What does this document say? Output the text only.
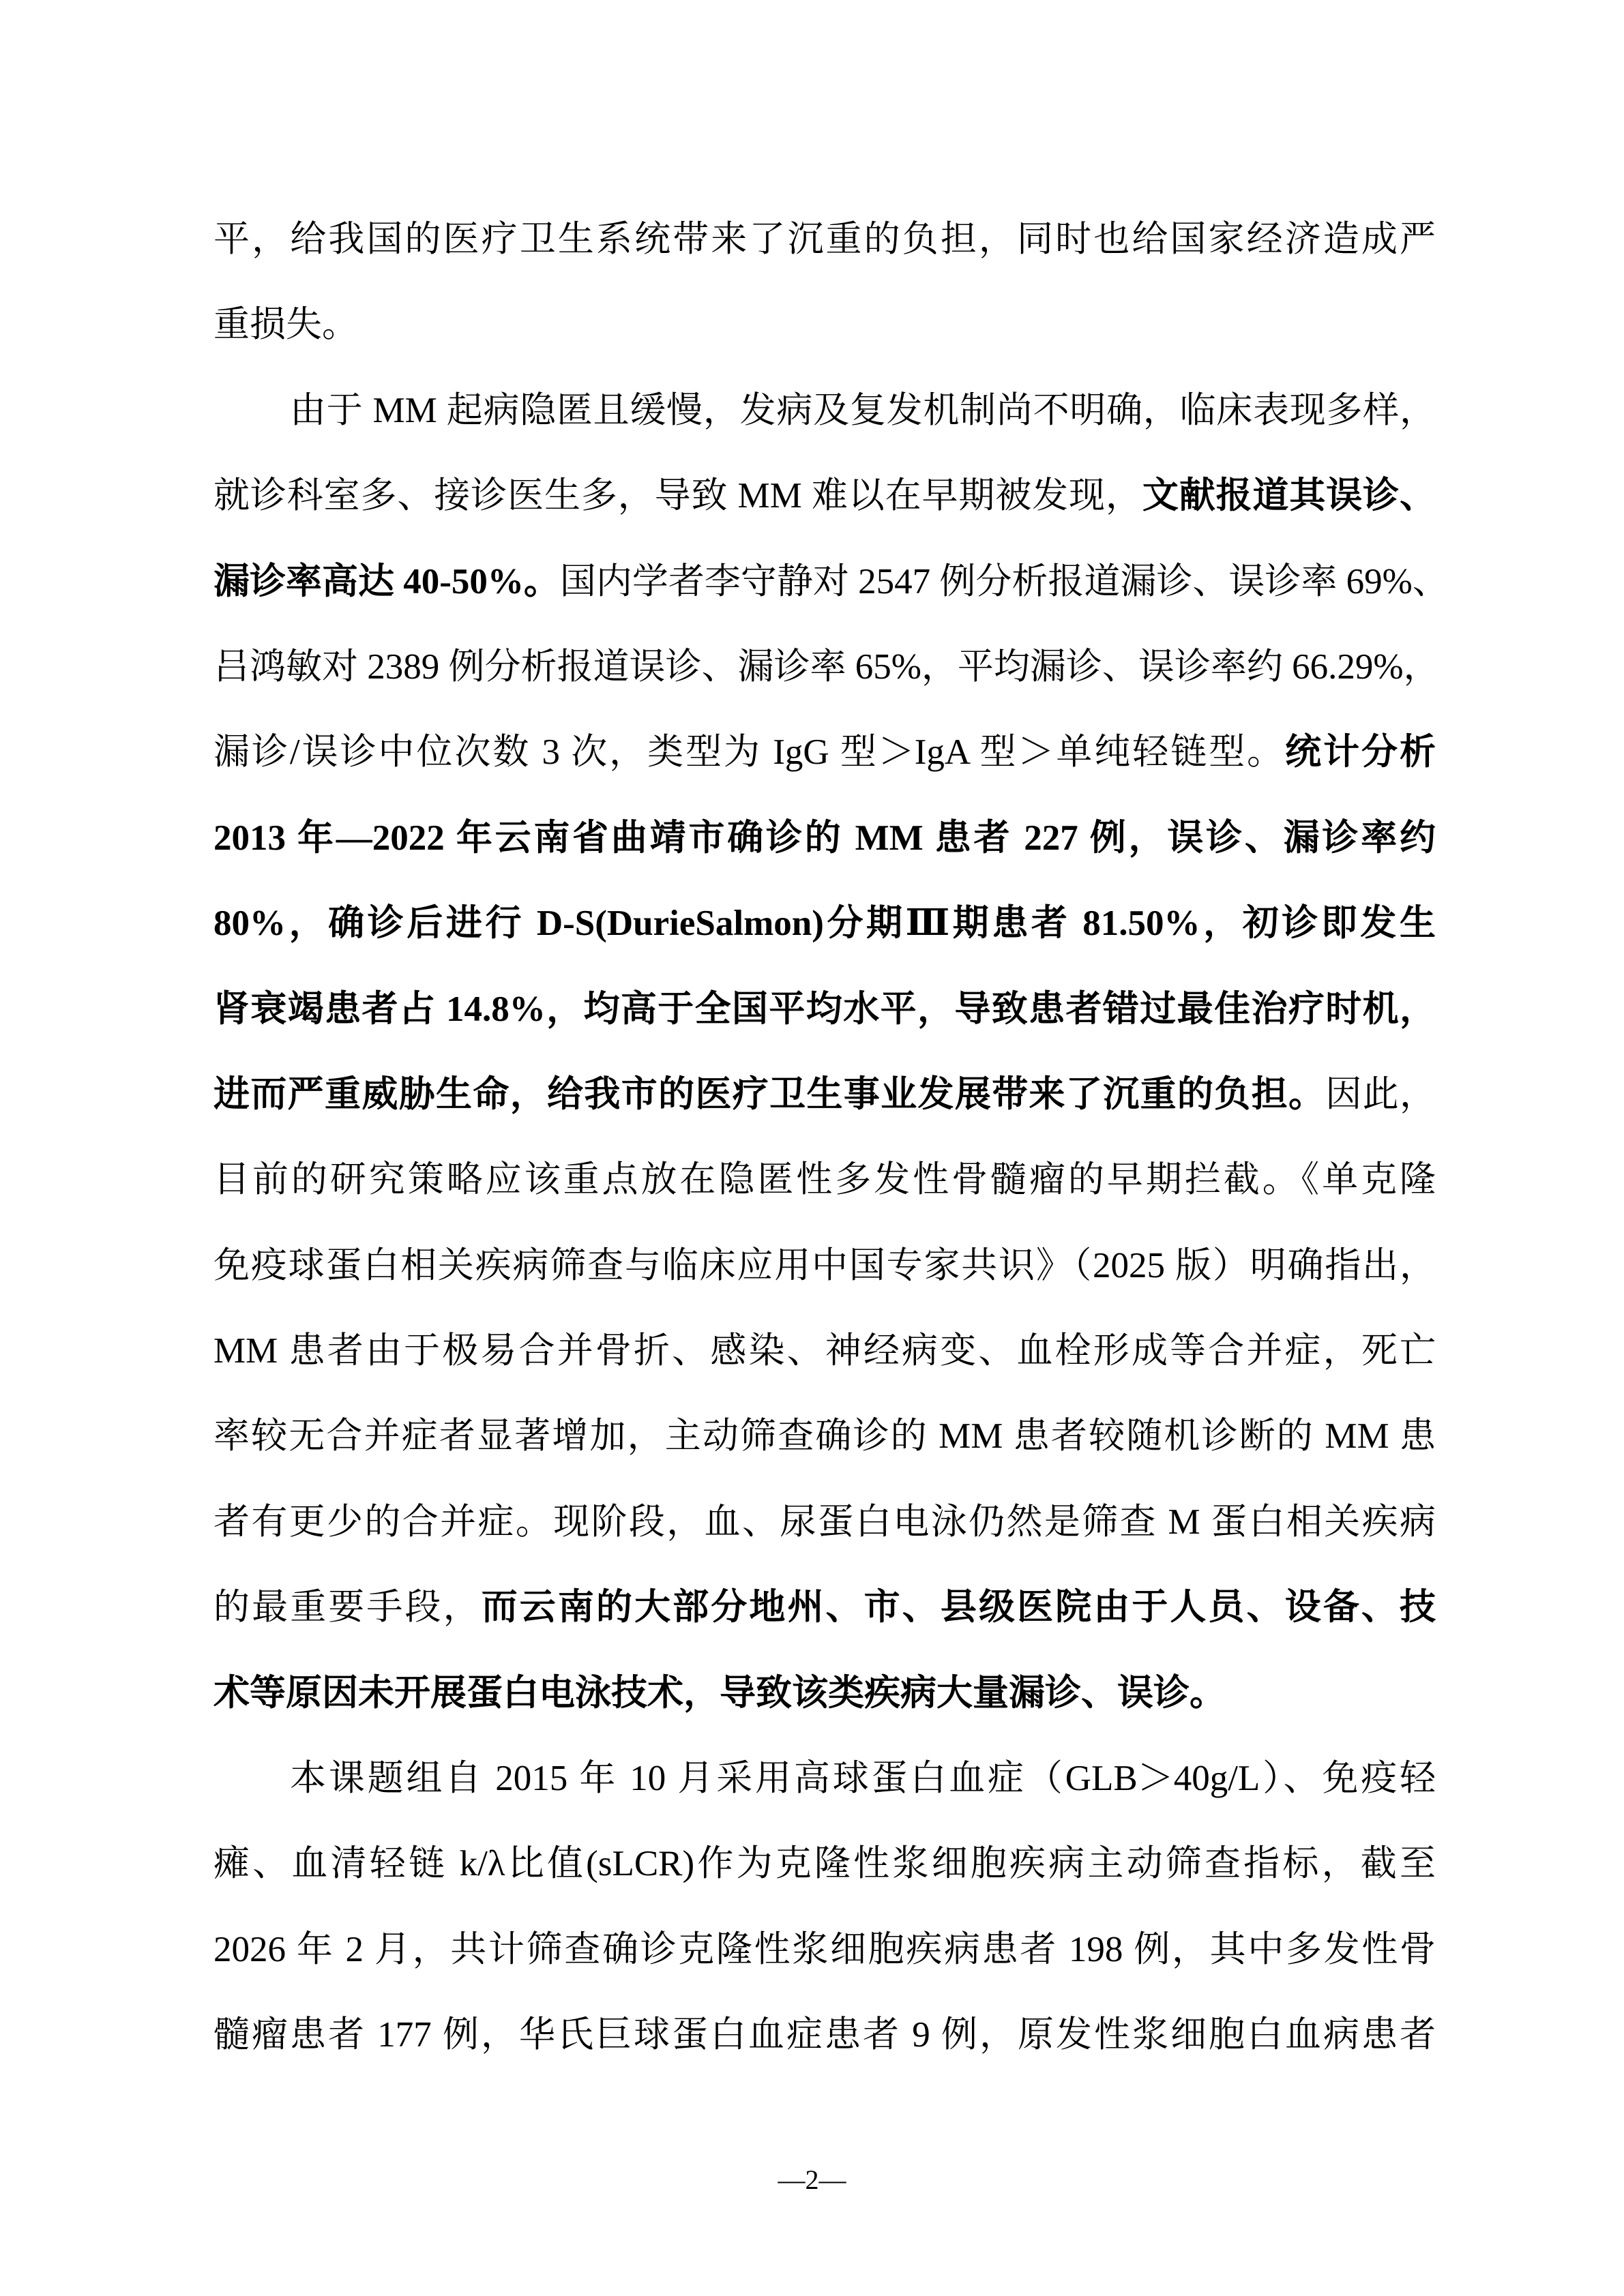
平，给我国的医疗卫生系统带来了沉重的负担，同时也给国家经济造成严
重损失。
由于 MM 起病隐匿且缓慢，发病及复发机制尚不明确，临床表现多样，
就诊科室多、接诊医生多，导致 MM 难以在早期被发现，文献报道其误诊、
漏诊率高达 40-50%。国内学者李守静对 2547 例分析报道漏诊、误诊率 69%、
吕鸿敏对 2389 例分析报道误诊、漏诊率 65%，平均漏诊、误诊率约 66.29%，
漏诊/误诊中位次数 3 次，类型为 IgG 型＞IgA 型＞单纯轻链型。统计分析
2013 年—2022 年云南省曲靖市确诊的 MM 患者 227 例，误诊、漏诊率约
80%，确诊后进行 D-S(DurieSalmon)分期Ⅲ期患者 81.50%，初诊即发生
肾衰竭患者占 14.8%，均高于全国平均水平，导致患者错过最佳治疗时机，
进而严重威胁生命，给我市的医疗卫生事业发展带来了沉重的负担。因此，
目前的研究策略应该重点放在隐匿性多发性骨髓瘤的早期拦截。《单克隆
免疫球蛋白相关疾病筛查与临床应用中国专家共识》（2025 版）明确指出，
MM 患者由于极易合并骨折、感染、神经病变、血栓形成等合并症，死亡
率较无合并症者显著增加，主动筛查确诊的 MM 患者较随机诊断的 MM 患
者有更少的合并症。现阶段，血、尿蛋白电泳仍然是筛查 M 蛋白相关疾病
的最重要手段，而云南的大部分地州、市、县级医院由于人员、设备、技
术等原因未开展蛋白电泳技术，导致该类疾病大量漏诊、误诊。
本课题组自 2015 年 10 月采用高球蛋白血症（GLB＞40g/L）、免疫轻
瘫、血清轻链 k/λ比值(sLCR)作为克隆性浆细胞疾病主动筛查指标，截至
2026 年 2 月，共计筛查确诊克隆性浆细胞疾病患者 198 例，其中多发性骨
髓瘤患者 177 例，华氏巨球蛋白血症患者 9 例，原发性浆细胞白血病患者
—2—
